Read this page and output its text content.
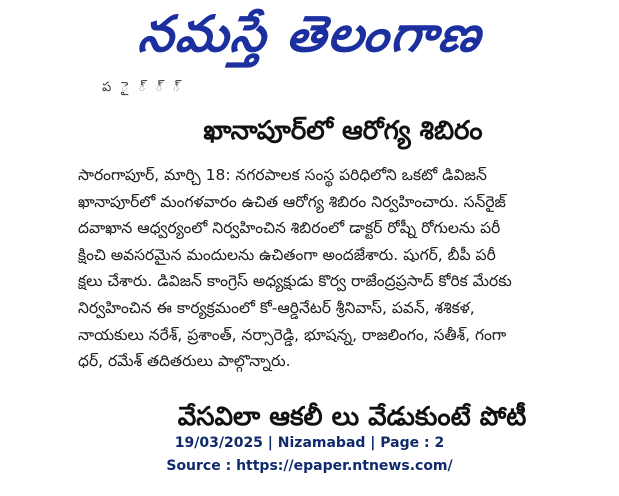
నమస్తే తెలంగాణ
ప ై ్ ్ ్
ఖానాపూర్‌లో ఆరోగ్య శిబిరం
సారంగాపూర్, మార్చి 18: నగరపాలక సంస్థ పరిధిలోని ఒకటో డివిజన్
ఖానాపూర్‌లో మంగళవారం ఉచిత ఆరోగ్య శిబిరం నిర్వహించారు. సన్‌రైజ్
దవాఖాన ఆధ్వర్యంలో నిర్వహించిన శిబిరంలో డాక్టర్ రోష్నీ రోగులను పరీ
క్షించి అవసరమైన మందులను ఉచితంగా అందజేశారు. షుగర్, బీపీ పరీ
క్షలు చేశారు. డివిజన్ కాంగ్రెస్ అధ్యక్షుడు కొర్వ రాజేంద్రప్రసాద్ కోరిక మేరకు
నిర్వహించిన ఈ కార్యక్రమంలో కో-ఆర్డినేటర్ శ్రీనివాస్, పవన్, శశికళ,
నాయకులు నరేశ్, ప్రశాంత్, నర్సారెడ్డి, భూషన్న, రాజలింగం, సతీశ్, గంగా
ధర్, రమేశ్ తదితరులు పాల్గొన్నారు.
వేసవిలా ఆకలీ లు వేడుకుంటే పోటీ
19/03/2025 | Nizamabad | Page : 2
Source : https://epaper.ntnews.com/
